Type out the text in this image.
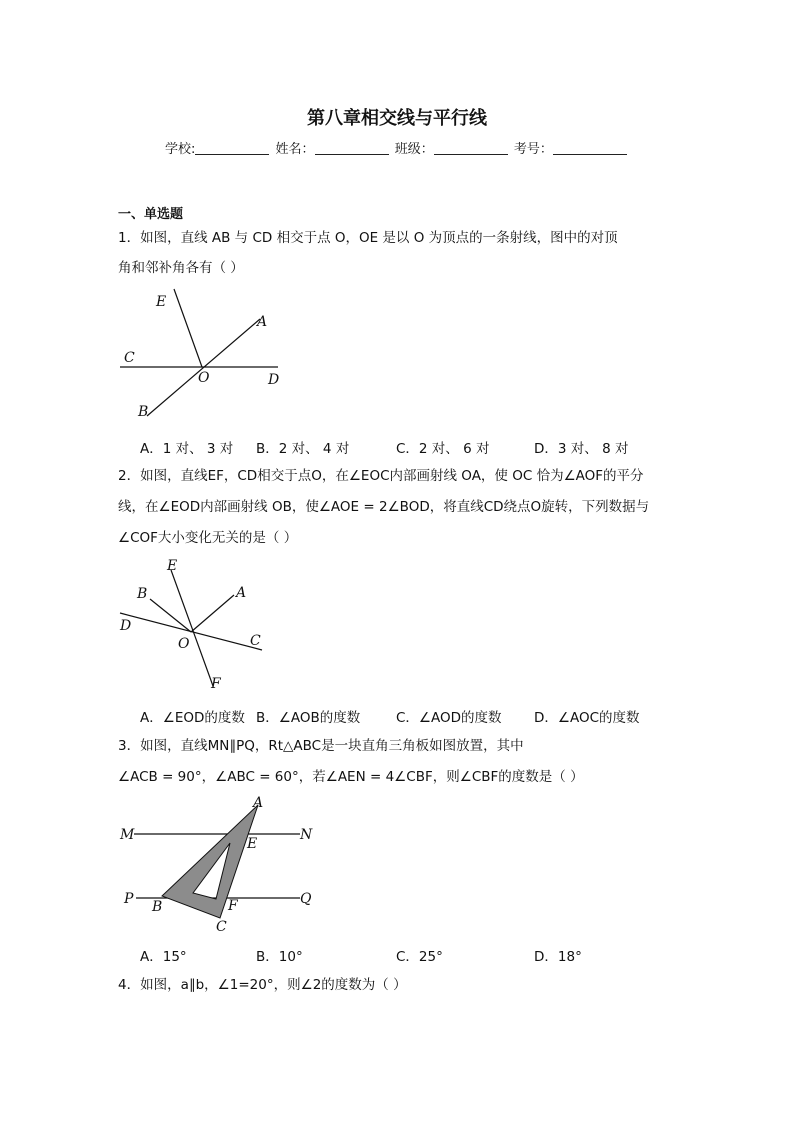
第八章相交线与平行线
学校:	姓名：	班级：	考号：
一、单选题
1．如图，直线 AB 与 CD 相交于点 O，OE 是以 O 为顶点的一条射线，图中的对顶
角和邻补角各有（ ）
E
A
C
O	D
B
A．1 对、 3 对 B．2 对、 4 对	C．2 对、 6 对	D．3 对、 8 对
2．如图，直线EF，CD相交于点O，在∠EOC内部画射线 OA，使 OC 恰为∠AOF的平分
线，在∠EOD内部画射线 OB，使∠AOE = 2∠BOD，将直线CD绕点O旋转，下列数据与
∠COF大小变化无关的是（ ）
E
B	A
D
O	C
F
A．∠EOD的度数 B．∠AOB的度数	C．∠AOD的度数 D．∠AOC的度数
3．如图，直线MN∥PQ，Rt△ABC是一块直角三角板如图放置，其中
∠ACB = 90°，∠ABC = 60°，若∠AEN = 4∠CBF，则∠CBF的度数是（ ）
A
M	N
E
P	Q
B	F
C
A．15°	B．10°	C．25°	D．18°
4．如图，a∥b，∠1=20°，则∠2的度数为（ ）
